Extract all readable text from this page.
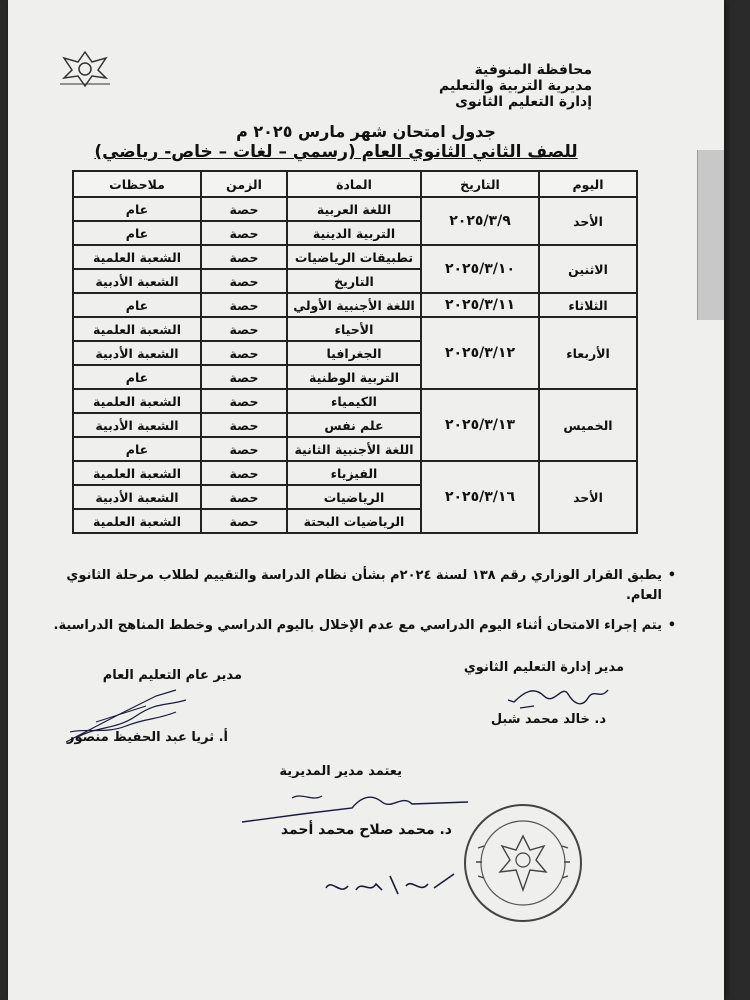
محافظة المنوفية
مديرية التربية والتعليم
إدارة التعليم الثانوى
جدول امتحان شهر مارس ٢٠٢٥ م
للصف الثاني الثانوي العام (رسمي – لغات – خاص- رياضي)
اليوم	التاريخ	المادة	الزمن	ملاحظات
الأحد	٢٠٢٥/٣/٩	اللغة العربية	حصة	عام
		التربية الدينية	حصة	عام
الاثنين	٢٠٢٥/٣/١٠	تطبيقات الرياضيات	حصة	الشعبة العلمية
		التاريخ	حصة	الشعبة الأدبية
الثلاثاء	٢٠٢٥/٣/١١	اللغة الأجنبية الأولي	حصة	عام
الأربعاء	٢٠٢٥/٣/١٢	الأحياء	حصة	الشعبة العلمية
		الجغرافيا	حصة	الشعبة الأدبية
		التربية الوطنية	حصة	عام
الخميس	٢٠٢٥/٣/١٣	الكيمياء	حصة	الشعبة العلمية
		علم نفس	حصة	الشعبة الأدبية
		اللغة الأجنبية الثانية	حصة	عام
الأحد	٢٠٢٥/٣/١٦	الفيزياء	حصة	الشعبة العلمية
		الرياضيات	حصة	الشعبة الأدبية
		الرياضيات البحتة	حصة	الشعبة العلمية
• يطبق القرار الوزاري رقم ١٣٨ لسنة ٢٠٢٤م بشأن نظام الدراسة والتقييم لطلاب مرحلة الثانوي العام.
• يتم إجراء الامتحان أثناء اليوم الدراسي مع عدم الإخلال باليوم الدراسي وخطط المناهج الدراسية.
مدير إدارة التعليم الثانوي
د. خالد محمد شبل
مدير عام التعليم العام
أ. ثريا عبد الحفيظ منصور
يعتمد مدير المديرية
د. محمد صلاح محمد أحمد
